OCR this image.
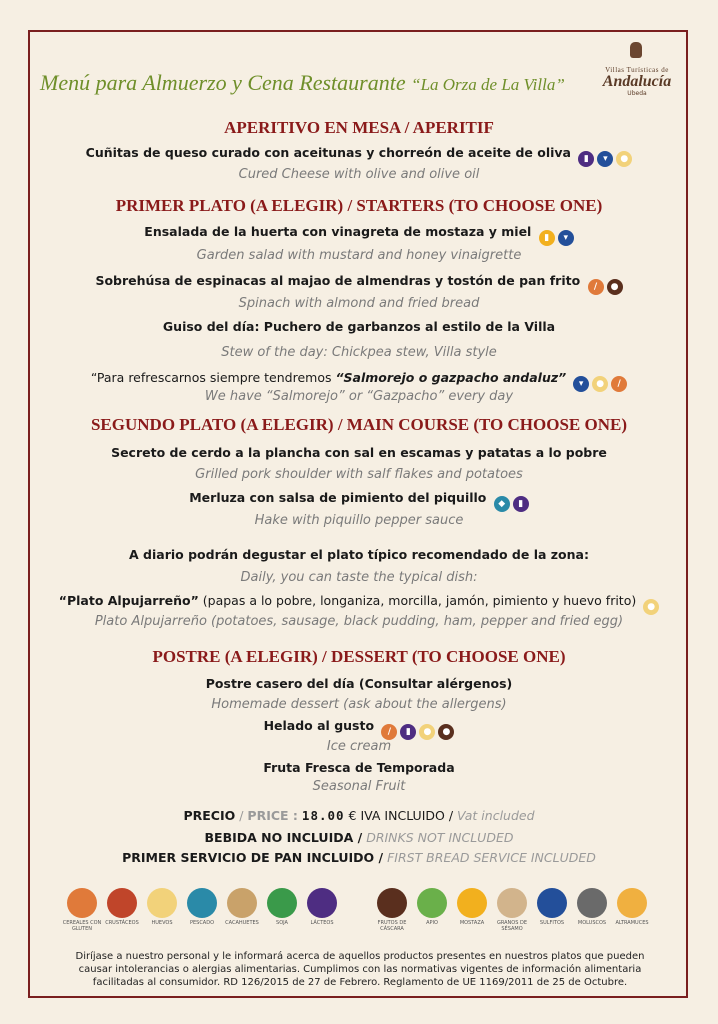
Menú para Almuerzo y Cena Restaurante “La Orza de La Villa”
Villas Turísticas de
Andalucía
Ubeda
APERITIVO EN MESA / APERITIF
Cuñitas de queso curado con aceitunas y chorreón de aceite de oliva ▮ ▾ ●
Cured Cheese with olive and olive oil
PRIMER PLATO (A ELEGIR) / STARTERS (TO CHOOSE ONE)
Ensalada de la huerta con vinagreta de mostaza y miel ▮ ▾
Garden salad with mustard and honey vinaigrette
Sobrehúsa de espinacas al majao de almendras y tostón de pan frito / ●
Spinach with almond and fried bread
Guiso del día: Puchero de garbanzos al estilo de la Villa
Stew of the day: Chickpea stew, Villa style
“Para refrescarnos siempre tendremos “Salmorejo o gazpacho andaluz” ▾ ● /
We have “Salmorejo” or “Gazpacho” every day
SEGUNDO PLATO (A ELEGIR) / MAIN COURSE (TO CHOOSE ONE)
Secreto de cerdo a la plancha con sal en escamas y patatas a lo pobre
Grilled pork shoulder with salf flakes and potatoes
Merluza con salsa de pimiento del piquillo ◆ ▮
Hake with piquillo pepper sauce
A diario podrán degustar el plato típico recomendado de la zona:
Daily, you can taste the typical dish:
“Plato Alpujarreño” (papas a lo pobre, longaniza, morcilla, jamón, pimiento y huevo frito) ●
Plato Alpujarreño (potatoes, sausage, black pudding, ham, pepper and fried egg)
POSTRE (A ELEGIR) / DESSERT (TO CHOOSE ONE)
Postre casero del día (Consultar alérgenos)
Homemade dessert (ask about the allergens)
Helado al gusto / ▮ ● ●
Ice cream
Fruta Fresca de Temporada
Seasonal Fruit
PRECIO / PRICE : 18.00 € IVA INCLUIDO / Vat included
BEBIDA NO INCLUIDA / DRINKS NOT INCLUDED
PRIMER SERVICIO DE PAN INCLUIDO / FIRST BREAD SERVICE INCLUDED
CEREALES CON GLUTEN
CRUSTÁCEOS	HUEVOS	PESCADO	CACAHUETES	SOJA	LÁCTEOS	FRUTOS DE CÁSCARA
APIO	MOSTAZA	GRANOS DE SÉSAMO
SULFITOS	MOLUSCOS	ALTRAMUCES
Diríjase a nuestro personal y le informará acerca de aquellos productos presentes en nuestros platos que pueden causar intolerancias o alergias alimentarias. Cumplimos con las normativas vigentes de información alimentaria facilitadas al consumidor. RD 126/2015 de 27 de Febrero. Reglamento de UE 1169/2011 de 25 de Octubre.
